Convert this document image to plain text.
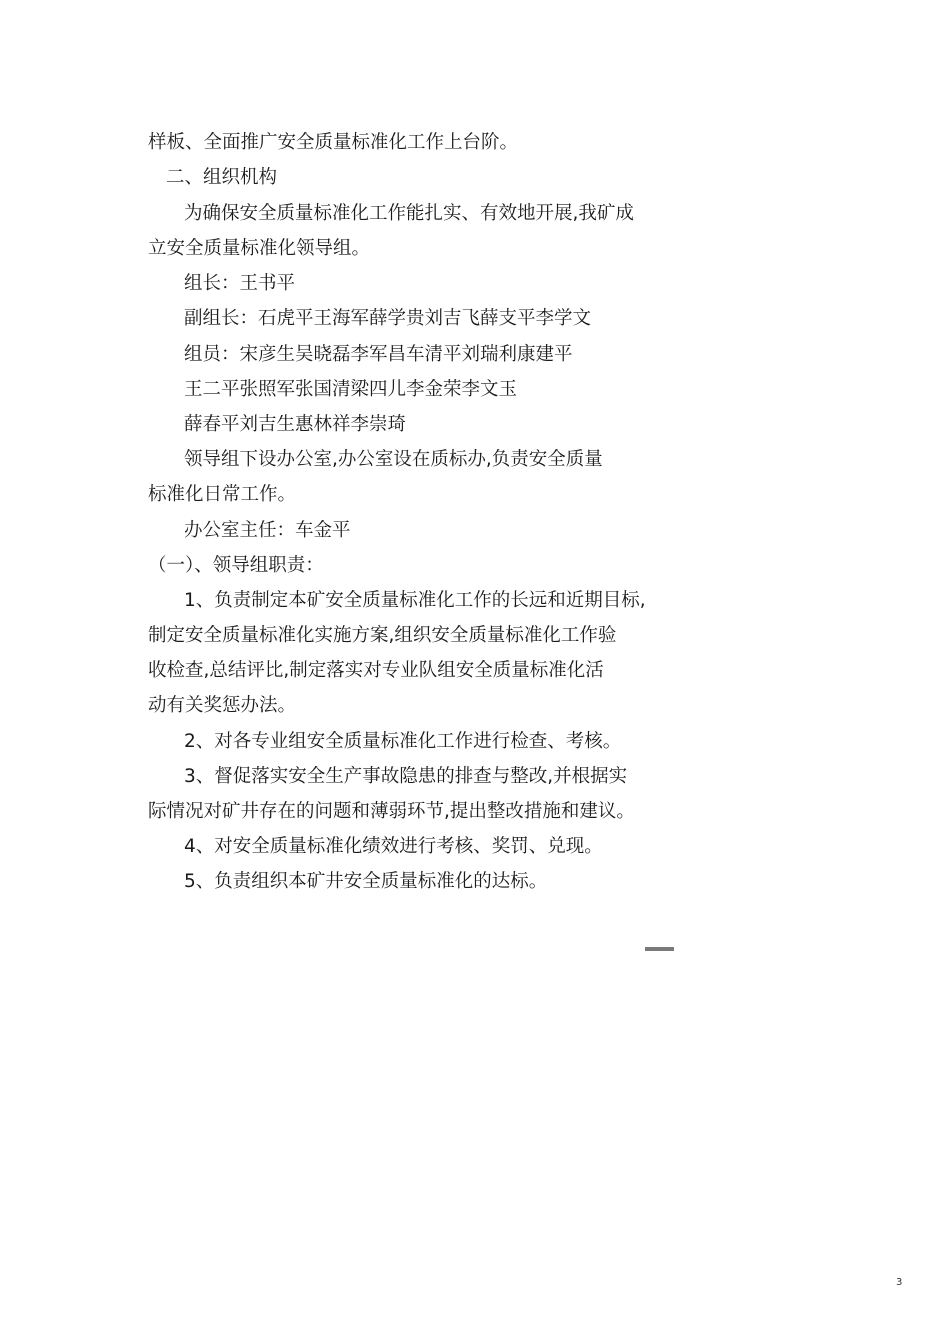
样板、全面推广安全质量标准化工作上台阶。
二、组织机构
为确保安全质量标准化工作能扎实、有效地开展,我矿成
立安全质量标准化领导组。
组长：王书平
副组长：石虎平王海军薛学贵刘吉飞薛支平李学文
组员：宋彦生吴晓磊李军昌车清平刘瑞利康建平
王二平张照军张国清梁四儿李金荣李文玉
薛春平刘吉生惠林祥李崇琦
领导组下设办公室,办公室设在质标办,负责安全质量
标准化日常工作。
办公室主任：车金平
（一）、领导组职责：
1、负责制定本矿安全质量标准化工作的长远和近期目标,
制定安全质量标准化实施方案,组织安全质量标准化工作验
收检查,总结评比,制定落实对专业队组安全质量标准化活
动有关奖惩办法。
2、对各专业组安全质量标准化工作进行检查、考核。
3、督促落实安全生产事故隐患的排查与整改,并根据实
际情况对矿井存在的问题和薄弱环节,提出整改措施和建议。
4、对安全质量标准化绩效进行考核、奖罚、兑现。
5、负责组织本矿井安全质量标准化的达标。
3
